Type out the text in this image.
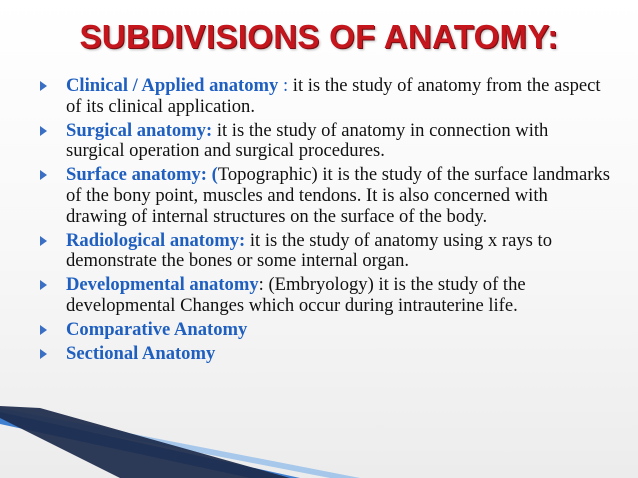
SUBDIVISIONS OF ANATOMY:
Clinical / Applied anatomy : it is the study of anatomy from the aspect of its clinical application.
Surgical anatomy: it is the study of anatomy in connection with surgical operation and surgical procedures.
Surface anatomy: (Topographic) it is the study of the surface landmarks of the bony point, muscles and tendons. It is also concerned with drawing of internal structures on the surface of the body.
Radiological anatomy: it is the study of anatomy using x rays to demonstrate the bones or some internal organ.
Developmental anatomy: (Embryology) it is the study of the developmental Changes which occur during intrauterine life.
Comparative Anatomy
Sectional Anatomy
